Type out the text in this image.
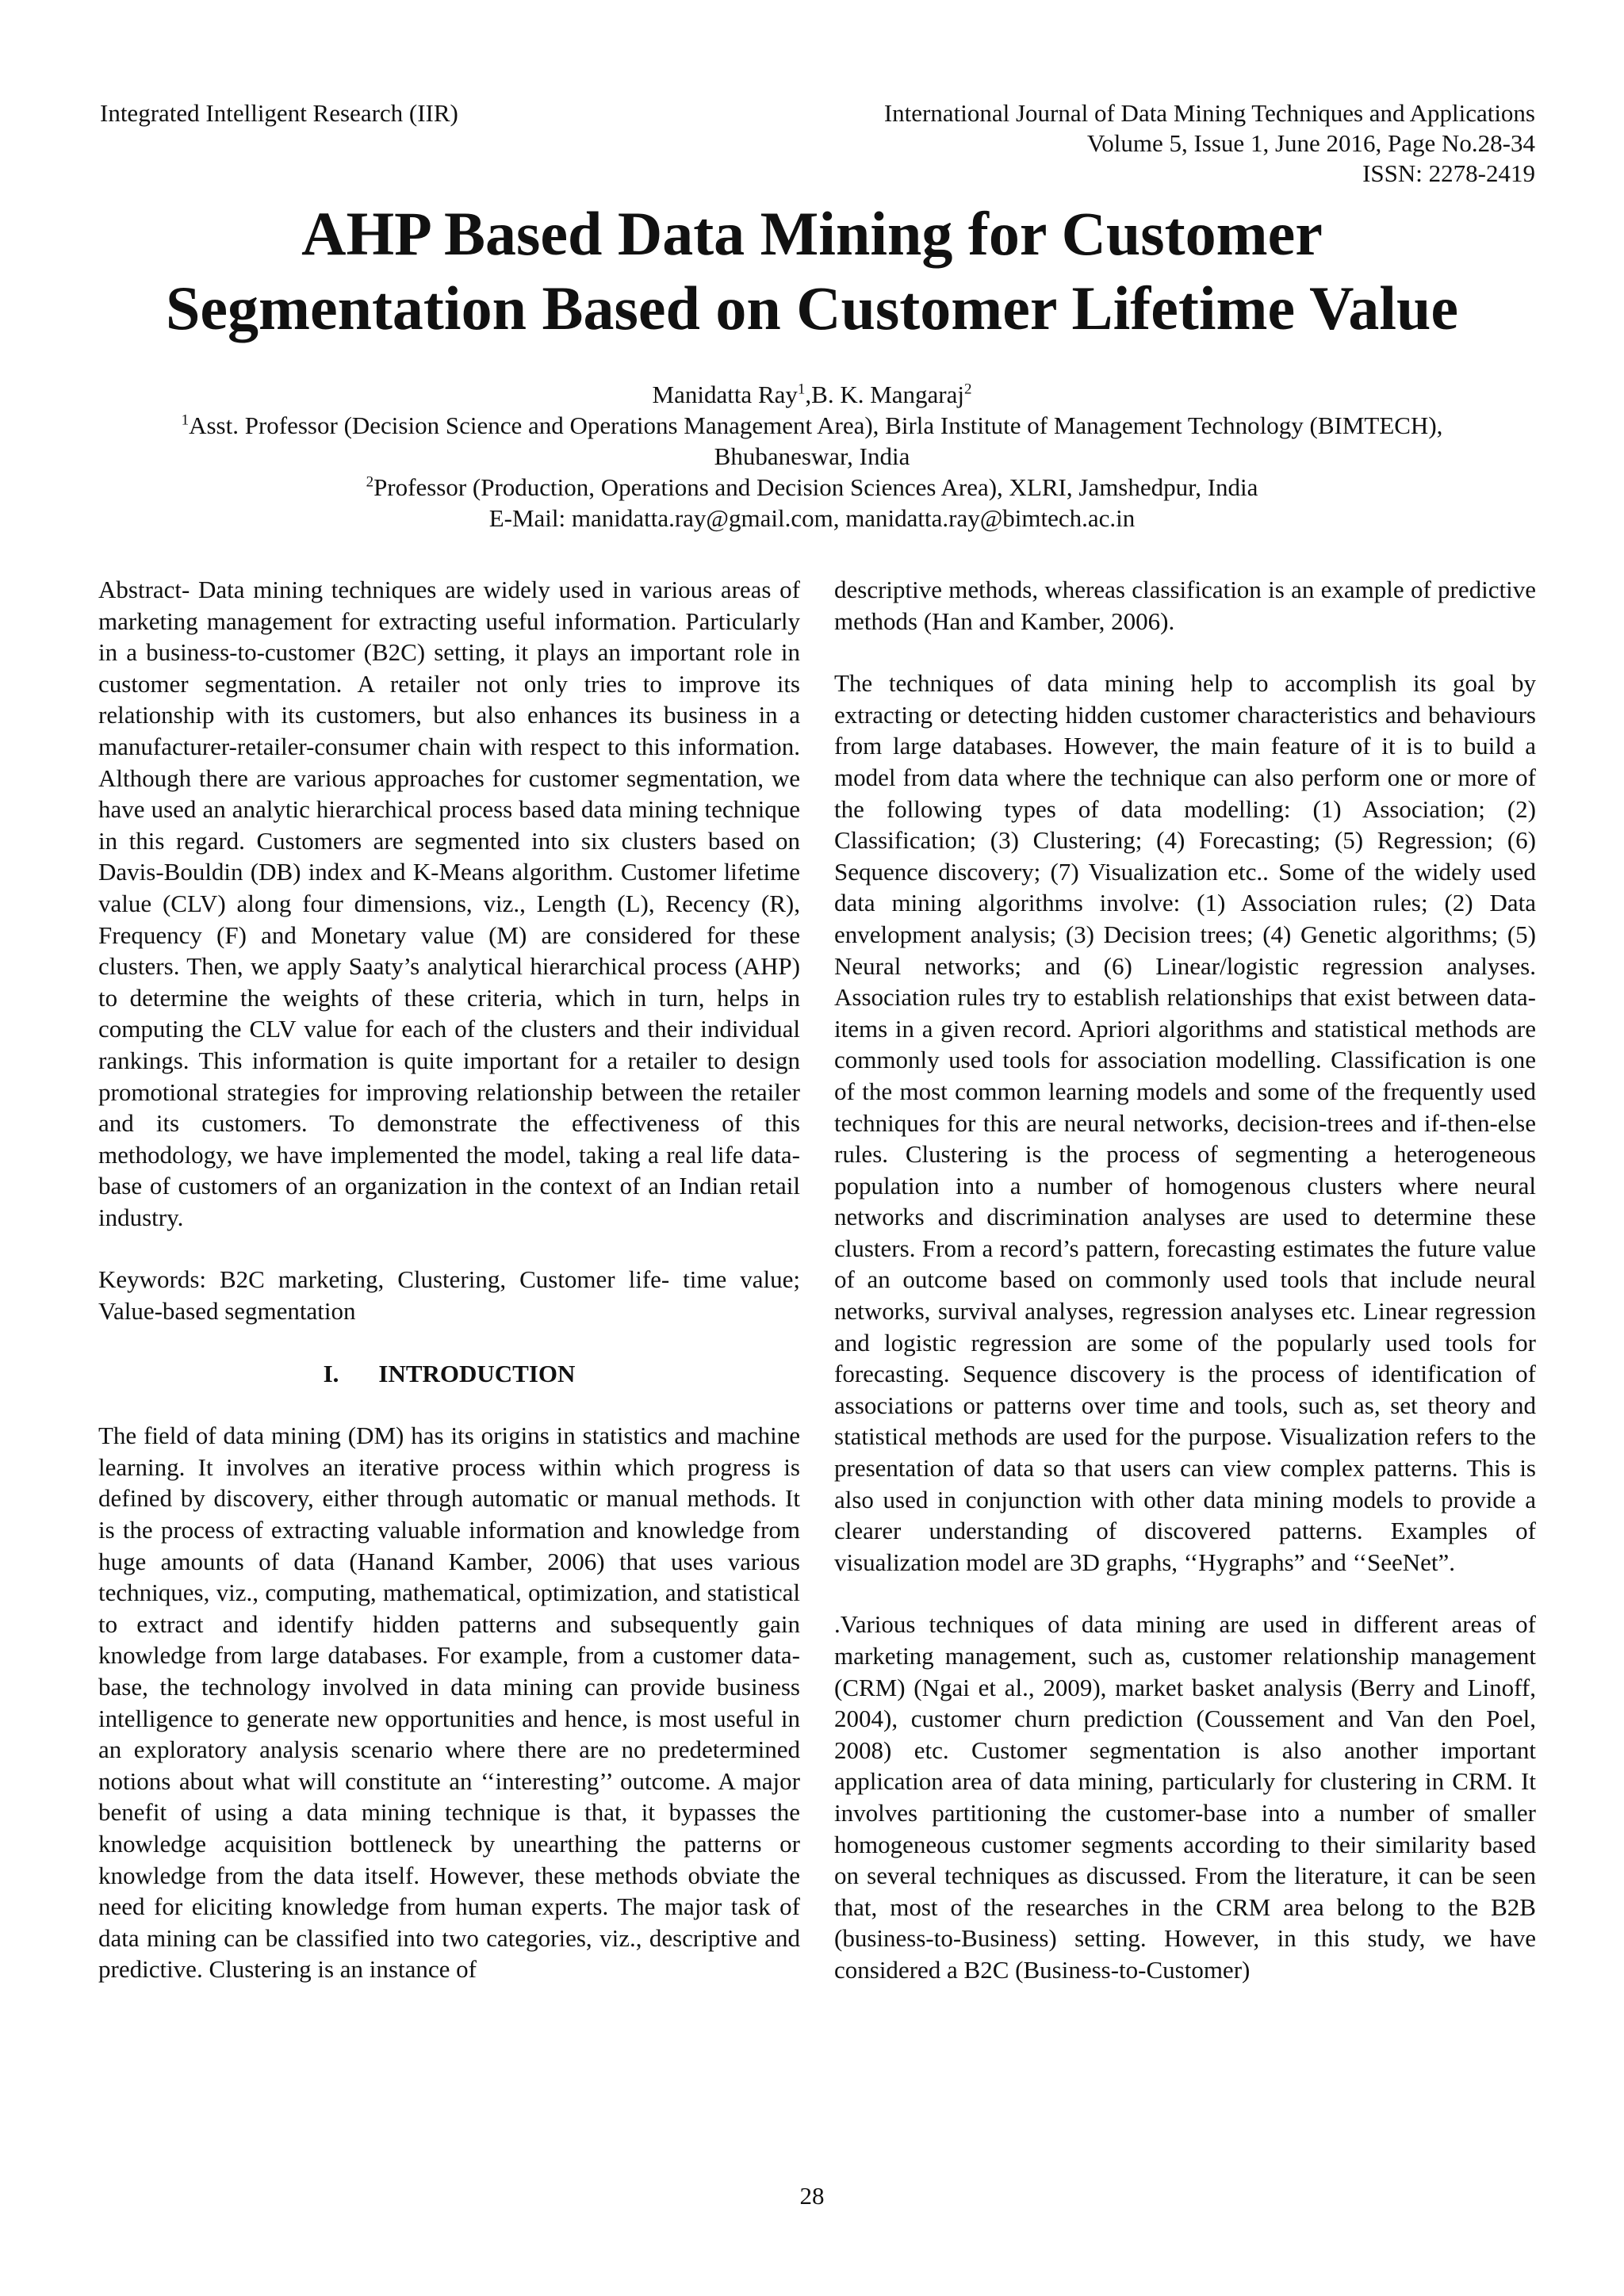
Integrated Intelligent Research (IIR)	International Journal of Data Mining Techniques and Applications
Volume 5, Issue 1, June 2016, Page No.28-34
ISSN: 2278-2419
AHP Based Data Mining for Customer
Segmentation Based on Customer Lifetime Value
Manidatta Ray$^1$,B. K. Mangaraj$^2$
$^1$Asst. Professor (Decision Science and Operations Management Area), Birla Institute of Management Technology (BIMTECH),
Bhubaneswar, India
$^2$Professor (Production, Operations and Decision Sciences Area), XLRI, Jamshedpur, India
E-Mail: manidatta.ray@gmail.com, manidatta.ray@bimtech.ac.in

Abstract- Data mining techniques are widely used in various areas of marketing management for extracting useful information. Particularly in a business-to-customer (B2C) setting, it plays an important role in customer segmentation. A retailer not only tries to improve its relationship with its customers, but also enhances its business in a manufacturer-retailer-consumer chain with respect to this information. Although there are various approaches for customer segmentation, we have used an analytic hierarchical process based data mining technique in this regard. Customers are segmented into six clusters based on Davis-Bouldin (DB) index and K-Means algorithm. Customer lifetime value (CLV) along four dimensions, viz., Length (L), Recency (R), Frequency (F) and Monetary value (M) are considered for these clusters. Then, we apply Saaty’s analytical hierarchical process (AHP) to determine the weights of these criteria, which in turn, helps in computing the CLV value for each of the clusters and their individual rankings. This information is quite important for a retailer to design promotional strategies for improving relationship between the retailer and its customers. To demonstrate the effectiveness of this methodology, we have implemented the model, taking a real life data-base of customers of an organization in the context of an Indian retail industry.

Keywords: B2C marketing, Clustering, Customer life- time value; Value-based segmentation

I. INTRODUCTION

The field of data mining (DM) has its origins in statistics and machine learning. It involves an iterative process within which progress is defined by discovery, either through automatic or manual methods. It is the process of extracting valuable information and knowledge from huge amounts of data (Hanand Kamber, 2006) that uses various techniques, viz., computing, mathematical, optimization, and statistical to extract and identify hidden patterns and subsequently gain knowledge from large databases. For example, from a customer data-base, the technology involved in data mining can provide business intelligence to generate new opportunities and hence, is most useful in an exploratory analysis scenario where there are no predetermined notions about what will constitute an ‘‘interesting’’ outcome. A major benefit of using a data mining technique is that, it bypasses the knowledge acquisition bottleneck by unearthing the patterns or knowledge from the data itself. However, these methods obviate the need for eliciting knowledge from human experts. The major task of data mining can be classified into two categories, viz., descriptive and predictive. Clustering is an instance of

descriptive methods, whereas classification is an example of predictive methods (Han and Kamber, 2006).

The techniques of data mining help to accomplish its goal by extracting or detecting hidden customer characteristics and behaviours from large databases. However, the main feature of it is to build a model from data where the technique can also perform one or more of the following types of data modelling: (1) Association; (2) Classification; (3) Clustering; (4) Forecasting; (5) Regression; (6) Sequence discovery; (7) Visualization etc.. Some of the widely used data mining algorithms involve: (1) Association rules; (2) Data envelopment analysis; (3) Decision trees; (4) Genetic algorithms; (5) Neural networks; and (6) Linear/logistic regression analyses. Association rules try to establish relationships that exist between data-items in a given record. Apriori algorithms and statistical methods are commonly used tools for association modelling. Classification is one of the most common learning models and some of the frequently used techniques for this are neural networks, decision-trees and if-then-else rules. Clustering is the process of segmenting a heterogeneous population into a number of homogenous clusters where neural networks and discrimination analyses are used to determine these clusters. From a record’s pattern, forecasting estimates the future value of an outcome based on commonly used tools that include neural networks, survival analyses, regression analyses etc. Linear regression and logistic regression are some of the popularly used tools for forecasting. Sequence discovery is the process of identification of associations or patterns over time and tools, such as, set theory and statistical methods are used for the purpose. Visualization refers to the presentation of data so that users can view complex patterns. This is also used in conjunction with other data mining models to provide a clearer understanding of discovered patterns. Examples of visualization model are 3D graphs, ‘‘Hygraphs” and ‘‘SeeNet”.

.Various techniques of data mining are used in different areas of marketing management, such as, customer relationship management (CRM) (Ngai et al., 2009), market basket analysis (Berry and Linoff, 2004), customer churn prediction (Coussement and Van den Poel, 2008) etc. Customer segmentation is also another important application area of data mining, particularly for clustering in CRM. It involves partitioning the customer-base into a number of smaller homogeneous customer segments according to their similarity based on several techniques as discussed. From the literature, it can be seen that, most of the researches in the CRM area belong to the B2B (business-to-Business) setting. However, in this study, we have considered a B2C (Business-to-Customer)

28
